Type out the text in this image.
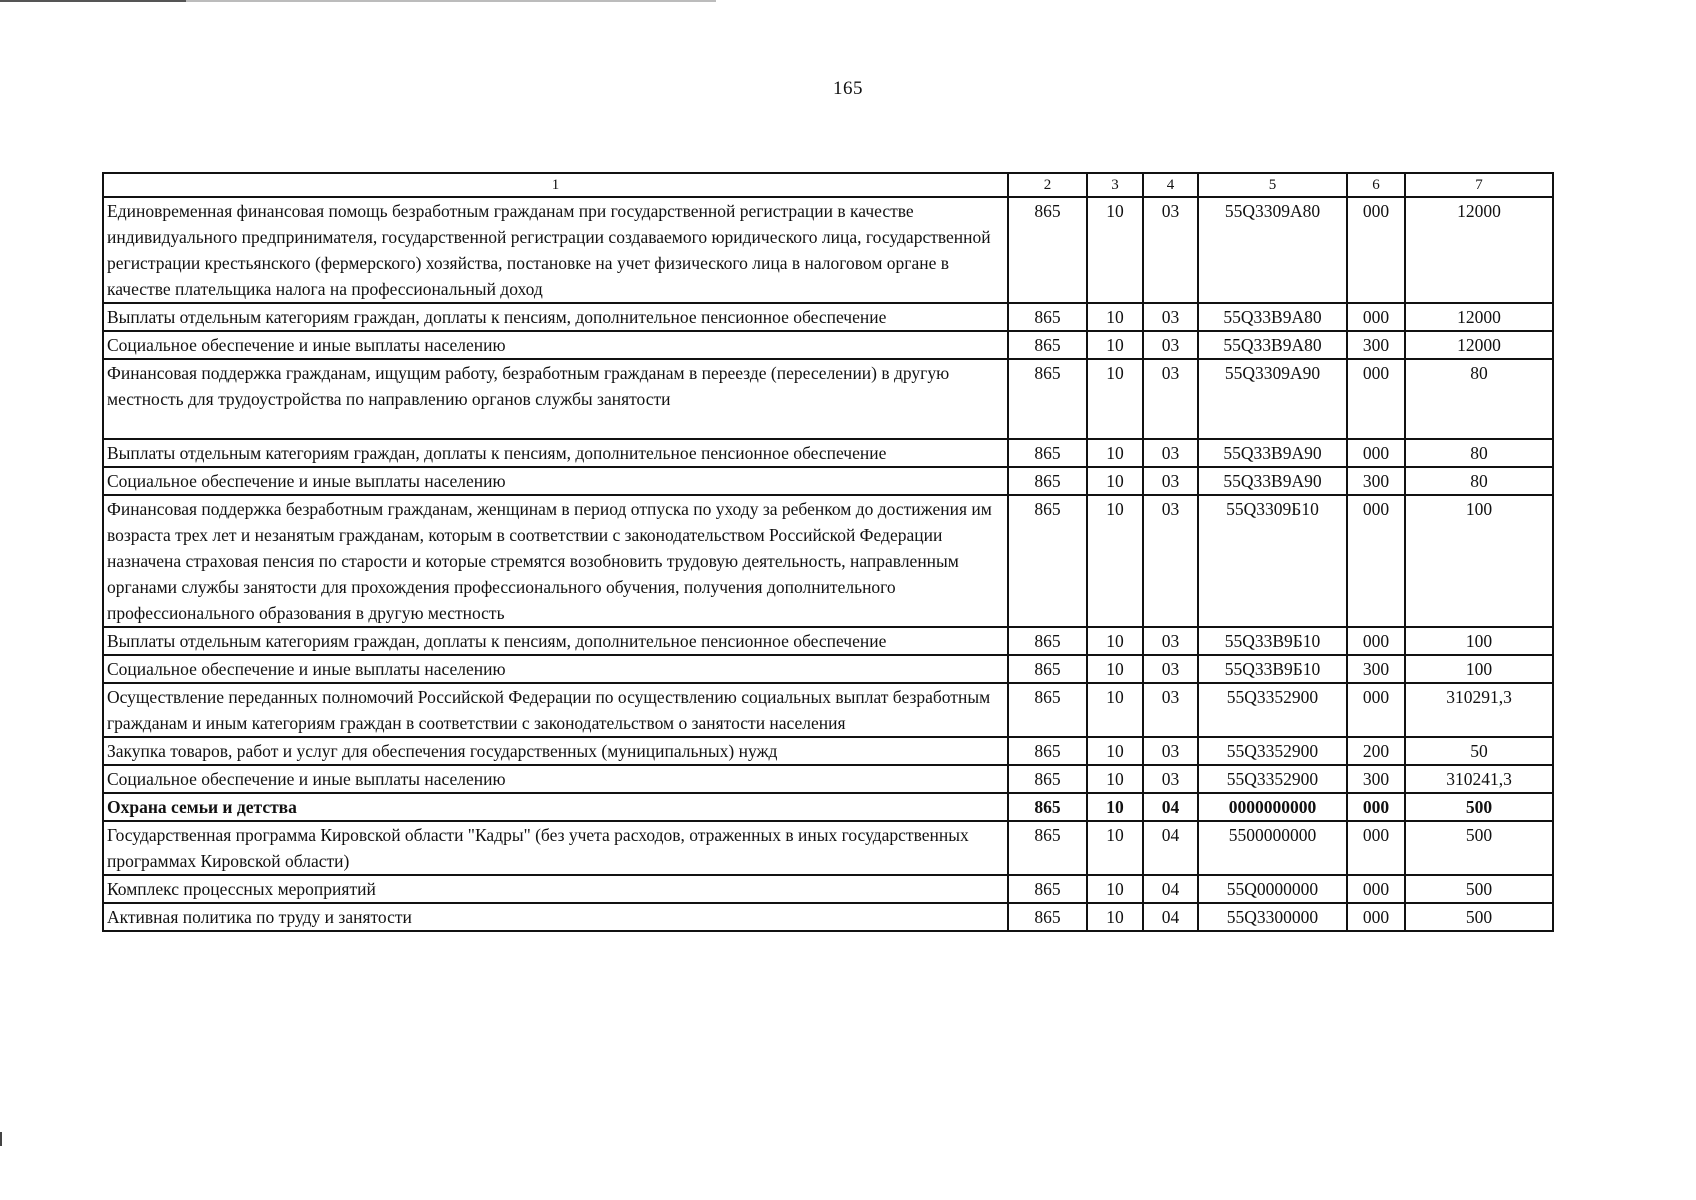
165
1	2	3	4	5	6	7
Единовременная финансовая помощь безработным гражданам при государственной регистрации в качестве индивидуального предпринимателя, государственной регистрации создаваемого юридического лица, государственной регистрации крестьянского (фермерского) хозяйства, постановке на учет физического лица в налоговом органе в качестве плательщика налога на профессиональный доход	865	10	03	55Q3309А80	000	12000
Выплаты отдельным категориям граждан, доплаты к пенсиям, дополнительное пенсионное обеспечение	865	10	03	55Q33В9А80	000	12000
Социальное обеспечение и иные выплаты населению	865	10	03	55Q33В9А80	300	12000
Финансовая поддержка гражданам, ищущим работу, безработным гражданам в переезде (переселении) в другую местность для трудоустройства по направлению органов службы занятости	865	10	03	55Q3309А90	000	80
Выплаты отдельным категориям граждан, доплаты к пенсиям, дополнительное пенсионное обеспечение	865	10	03	55Q33В9А90	000	80
Социальное обеспечение и иные выплаты населению	865	10	03	55Q33В9А90	300	80
Финансовая поддержка безработным гражданам, женщинам в период отпуска по уходу за ребенком до достижения им возраста трех лет и незанятым гражданам, которым в соответствии с законодательством Российской Федерации назначена страховая пенсия по старости и которые стремятся возобновить трудовую деятельность, направленным органами службы занятости для прохождения профессионального обучения, получения дополнительного профессионального образования в другую местность	865	10	03	55Q3309Б10	000	100
Выплаты отдельным категориям граждан, доплаты к пенсиям, дополнительное пенсионное обеспечение	865	10	03	55Q33В9Б10	000	100
Социальное обеспечение и иные выплаты населению	865	10	03	55Q33В9Б10	300	100
Осуществление переданных полномочий Российской Федерации по осуществлению социальных выплат безработным гражданам и иным категориям граждан в соответствии с законодательством о занятости населения	865	10	03	55Q3352900	000	310291,3
Закупка товаров, работ и услуг для обеспечения государственных (муниципальных) нужд	865	10	03	55Q3352900	200	50
Социальное обеспечение и иные выплаты населению	865	10	03	55Q3352900	300	310241,3
Охрана семьи и детства	865	10	04	0000000000	000	500
Государственная программа Кировской области "Кадры" (без учета расходов, отраженных в иных государственных программах Кировской области)	865	10	04	5500000000	000	500
Комплекс процессных мероприятий	865	10	04	55Q0000000	000	500
Активная политика по труду и занятости	865	10	04	55Q3300000	000	500
